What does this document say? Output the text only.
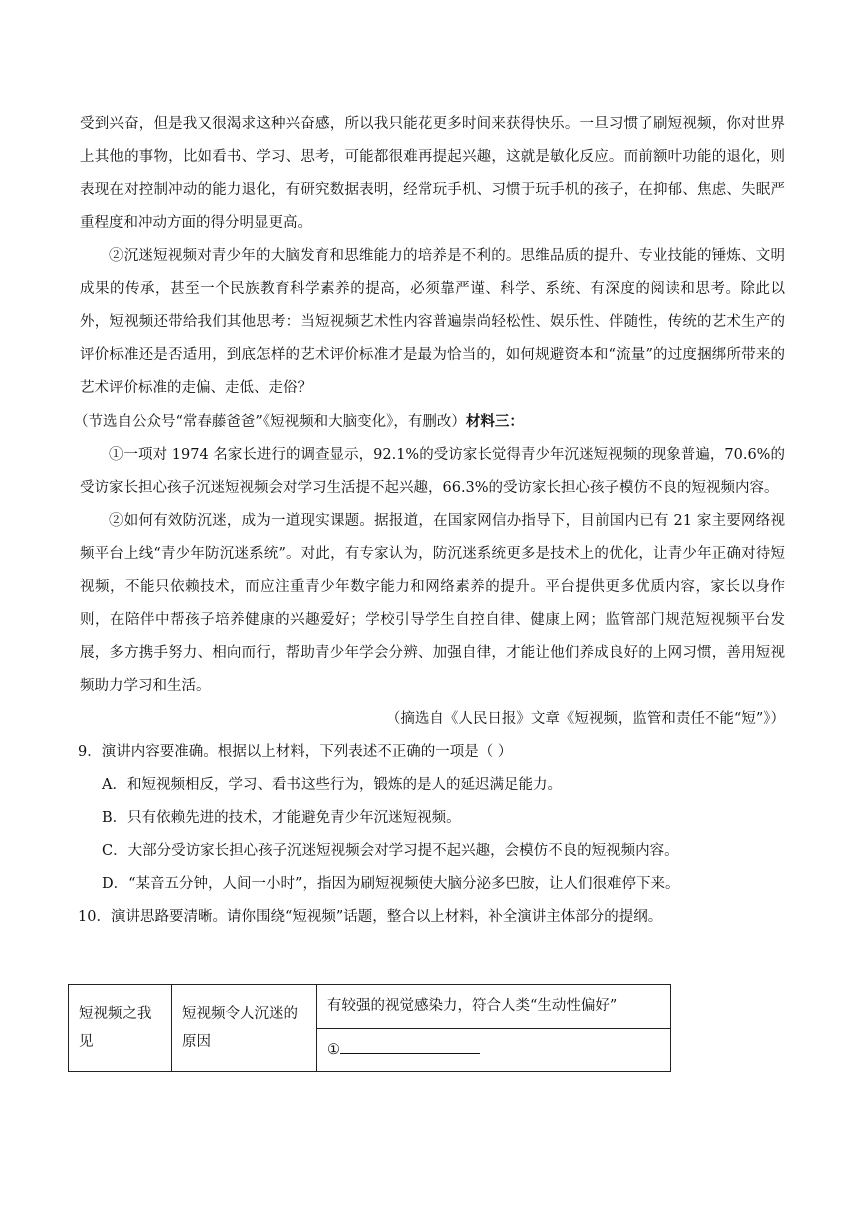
受到兴奋，但是我又很渴求这种兴奋感，所以我只能花更多时间来获得快乐。一旦习惯了刷短视频，你对世界上其他的事物，比如看书、学习、思考，可能都很难再提起兴趣，这就是敏化反应。而前额叶功能的退化，则表现在对控制冲动的能力退化，有研究数据表明，经常玩手机、习惯于玩手机的孩子，在抑郁、焦虑、失眠严重程度和冲动方面的得分明显更高。

②沉迷短视频对青少年的大脑发育和思维能力的培养是不利的。思维品质的提升、专业技能的锤炼、文明成果的传承，甚至一个民族教育科学素养的提高，必须靠严谨、科学、系统、有深度的阅读和思考。除此以外，短视频还带给我们其他思考：当短视频艺术性内容普遍崇尚轻松性、娱乐性、伴随性，传统的艺术生产的评价标准还是否适用，到底怎样的艺术评价标准才是最为恰当的，如何规避资本和“流量”的过度捆绑所带来的艺术评价标准的走偏、走低、走俗？

（节选自公众号“常春藤爸爸”《短视频和大脑变化》，有删改）材料三：

①一项对 1974 名家长进行的调查显示，92.1%的受访家长觉得青少年沉迷短视频的现象普遍，70.6%的受访家长担心孩子沉迷短视频会对学习生活提不起兴趣，66.3%的受访家长担心孩子模仿不良的短视频内容。

②如何有效防沉迷，成为一道现实课题。据报道，在国家网信办指导下，目前国内已有 21 家主要网络视频平台上线“青少年防沉迷系统”。对此，有专家认为，防沉迷系统更多是技术上的优化，让青少年正确对待短视频，不能只依赖技术，而应注重青少年数字能力和网络素养的提升。平台提供更多优质内容，家长以身作则，在陪伴中帮孩子培养健康的兴趣爱好；学校引导学生自控自律、健康上网；监管部门规范短视频平台发展，多方携手努力、相向而行，帮助青少年学会分辨、加强自律，才能让他们养成良好的上网习惯，善用短视频助力学习和生活。

（摘选自《人民日报》文章《短视频，监管和责任不能“短”》）

9．演讲内容要准确。根据以上材料，下列表述不正确的一项是（ ）

A．和短视频相反，学习、看书这些行为，锻炼的是人的延迟满足能力。

B．只有依赖先进的技术，才能避免青少年沉迷短视频。

C．大部分受访家长担心孩子沉迷短视频会对学习提不起兴趣，会模仿不良的短视频内容。

D．“某音五分钟，人间一小时”，指因为刷短视频使大脑分泌多巴胺，让人们很难停下来。

10．演讲思路要清晰。请你围绕“短视频”话题，整合以上材料，补全演讲主体部分的提纲。

短视频之我见	短视频令人沉迷的原因	有较强的视觉感染力，符合人类“生动性偏好”
①
